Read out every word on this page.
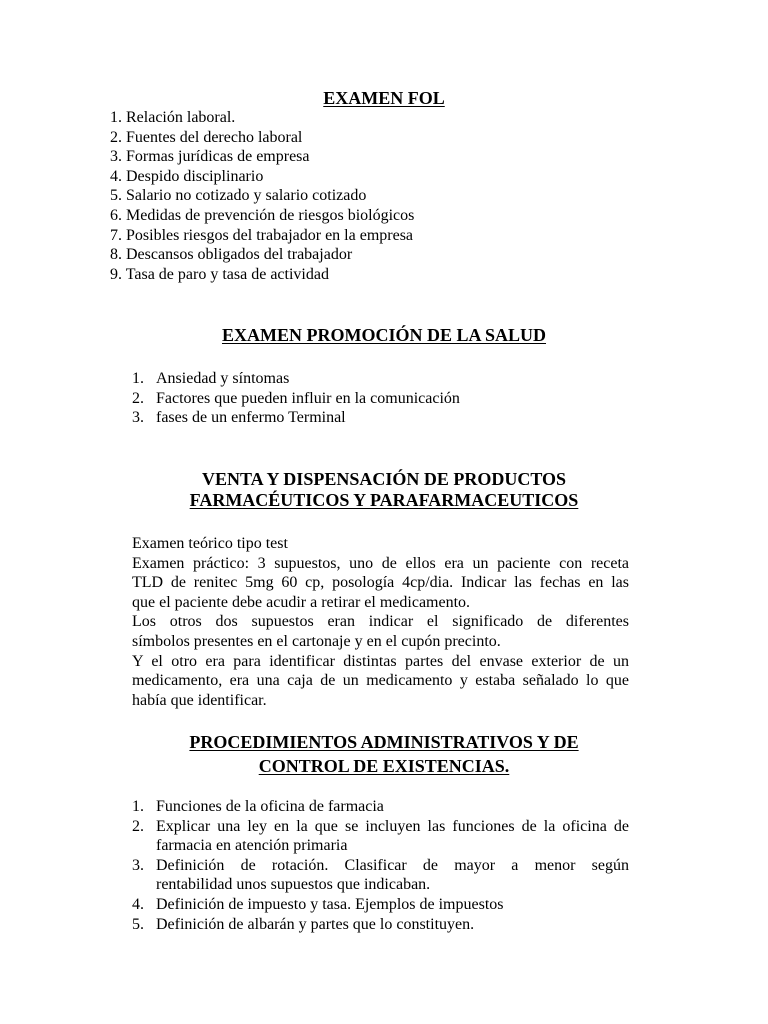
EXAMEN FOL

1. Relación laboral.

2. Fuentes del derecho laboral

3. Formas jurídicas de empresa

4. Despido disciplinario

5. Salario no cotizado y salario cotizado

6. Medidas de prevención de riesgos biológicos

7. Posibles riesgos del trabajador en la empresa

8. Descansos obligados del trabajador

9. Tasa de paro y tasa de actividad

EXAMEN PROMOCIÓN DE LA SALUD
1. Ansiedad y síntomas
2. Factores que pueden influir en la comunicación
3. fases de un enfermo Terminal
VENTA Y DISPENSACIÓN DE PRODUCTOS
FARMACÉUTICOS Y PARAFARMACEUTICOS
Examen teórico tipo test
Examen práctico: 3 supuestos, uno de ellos era un paciente con receta
TLD de renitec 5mg 60 cp, posología 4cp/dia. Indicar las fechas en las
que el paciente debe acudir a retirar el medicamento.
Los otros dos supuestos eran indicar el significado de diferentes
símbolos presentes en el cartonaje y en el cupón precinto.
Y el otro era para identificar distintas partes del envase exterior de un
medicamento, era una caja de un medicamento y estaba señalado lo que
había que identificar.
PROCEDIMIENTOS ADMINISTRATIVOS Y DE
CONTROL DE EXISTENCIAS.
1. Funciones de la oficina de farmacia
2. Explicar una ley en la que se incluyen las funciones de la oficina de
farmacia en atención primaria
3. Definición de rotación. Clasificar de mayor a menor según
rentabilidad unos supuestos que indicaban.
4. Definición de impuesto y tasa. Ejemplos de impuestos
5. Definición de albarán y partes que lo constituyen.
